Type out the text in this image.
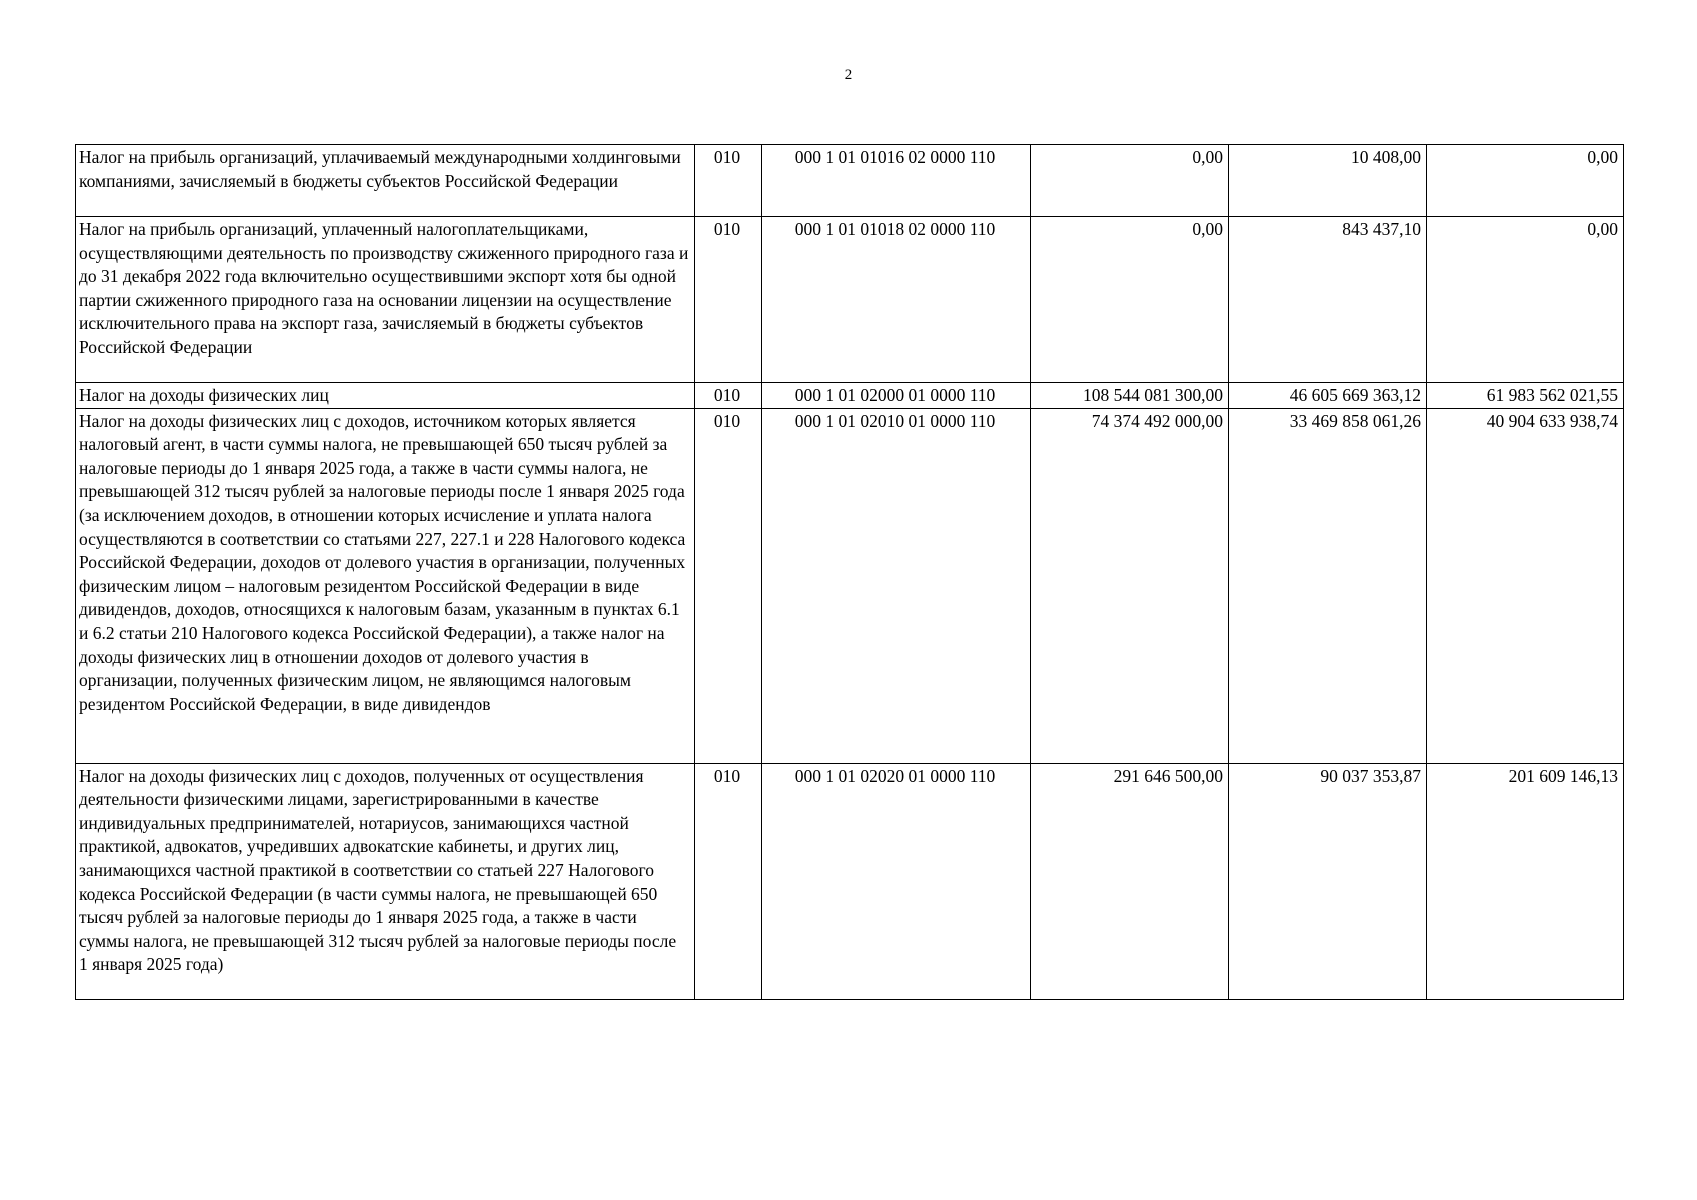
2
Налог на прибыль организаций, уплачиваемый международными холдинговыми компаниями, зачисляемый в бюджеты субъектов Российской Федерации	010	000 1 01 01016 02 0000 110	0,00	10 408,00	0,00
Налог на прибыль организаций, уплаченный налогоплательщиками, осуществляющими деятельность по производству сжиженного природного газа и до 31 декабря 2022 года включительно осуществившими экспорт хотя бы одной партии сжиженного природного газа на основании лицензии на осуществление исключительного права на экспорт газа, зачисляемый в бюджеты субъектов Российской Федерации	010	000 1 01 01018 02 0000 110	0,00	843 437,10	0,00
Налог на доходы физических лиц	010	000 1 01 02000 01 0000 110	108 544 081 300,00	46 605 669 363,12	61 983 562 021,55
Налог на доходы физических лиц с доходов, источником которых является налоговый агент, в части суммы налога, не превышающей 650 тысяч рублей за налоговые периоды до 1 января 2025 года, а также в части суммы налога, не превышающей 312 тысяч рублей за налоговые периоды после 1 января 2025 года (за исключением доходов, в отношении которых исчисление и уплата налога осуществляются в соответствии со статьями 227, 227.1 и 228 Налогового кодекса Российской Федерации, доходов от долевого участия в организации, полученных физическим лицом – налоговым резидентом Российской Федерации в виде дивидендов, доходов, относящихся к налоговым базам, указанным в пунктах 6.1 и 6.2 статьи 210 Налогового кодекса Российской Федерации), а также налог на доходы физических лиц в отношении доходов от долевого участия в организации, полученных физическим лицом, не являющимся налоговым резидентом Российской Федерации, в виде дивидендов	010	000 1 01 02010 01 0000 110	74 374 492 000,00	33 469 858 061,26	40 904 633 938,74
Налог на доходы физических лиц с доходов, полученных от осуществления деятельности физическими лицами, зарегистрированными в качестве индивидуальных предпринимателей, нотариусов, занимающихся частной практикой, адвокатов, учредивших адвокатские кабинеты, и других лиц, занимающихся частной практикой в соответствии со статьей 227 Налогового кодекса Российской Федерации (в части суммы налога, не превышающей 650 тысяч рублей за налоговые периоды до 1 января 2025 года, а также в части суммы налога, не превышающей 312 тысяч рублей за налоговые периоды после 1 января 2025 года)	010	000 1 01 02020 01 0000 110	291 646 500,00	90 037 353,87	201 609 146,13
